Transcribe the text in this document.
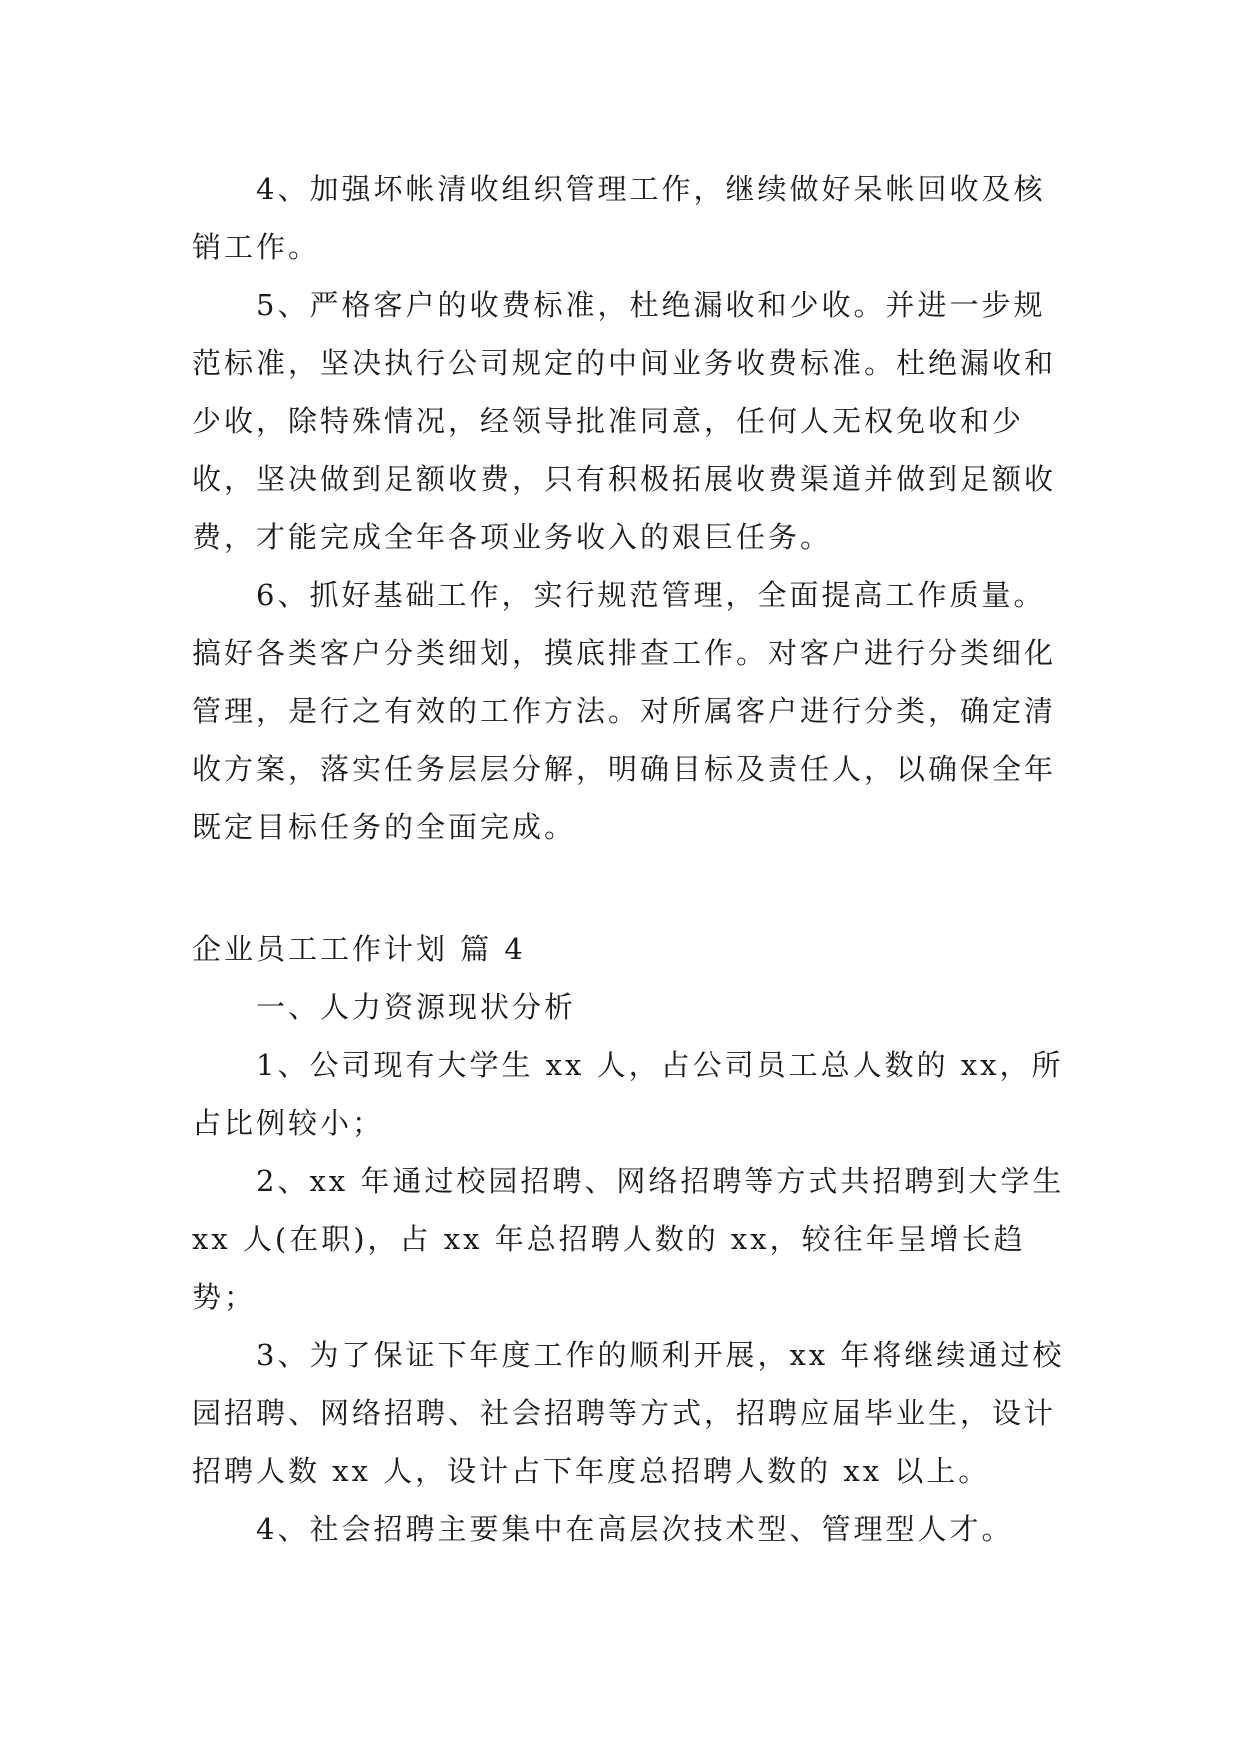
4、加强坏帐清收组织管理工作，继续做好呆帐回收及核销工作。

5、严格客户的收费标准，杜绝漏收和少收。并进一步规范标准，坚决执行公司规定的中间业务收费标准。杜绝漏收和少收，除特殊情况，经领导批准同意，任何人无权免收和少收，坚决做到足额收费，只有积极拓展收费渠道并做到足额收费，才能完成全年各项业务收入的艰巨任务。

6、抓好基础工作，实行规范管理，全面提高工作质量。搞好各类客户分类细划，摸底排查工作。对客户进行分类细化管理，是行之有效的工作方法。对所属客户进行分类，确定清收方案，落实任务层层分解，明确目标及责任人，以确保全年既定目标任务的全面完成。

企业员工工作计划 篇 4

一、人力资源现状分析

1、公司现有大学生 xx 人，占公司员工总人数的 xx，所占比例较小；

2、xx 年通过校园招聘、网络招聘等方式共招聘到大学生 xx 人(在职)，占 xx 年总招聘人数的 xx，较往年呈增长趋势；

3、为了保证下年度工作的顺利开展，xx 年将继续通过校园招聘、网络招聘、社会招聘等方式，招聘应届毕业生，设计招聘人数 xx 人，设计占下年度总招聘人数的 xx 以上。

4、社会招聘主要集中在高层次技术型、管理型人才。
